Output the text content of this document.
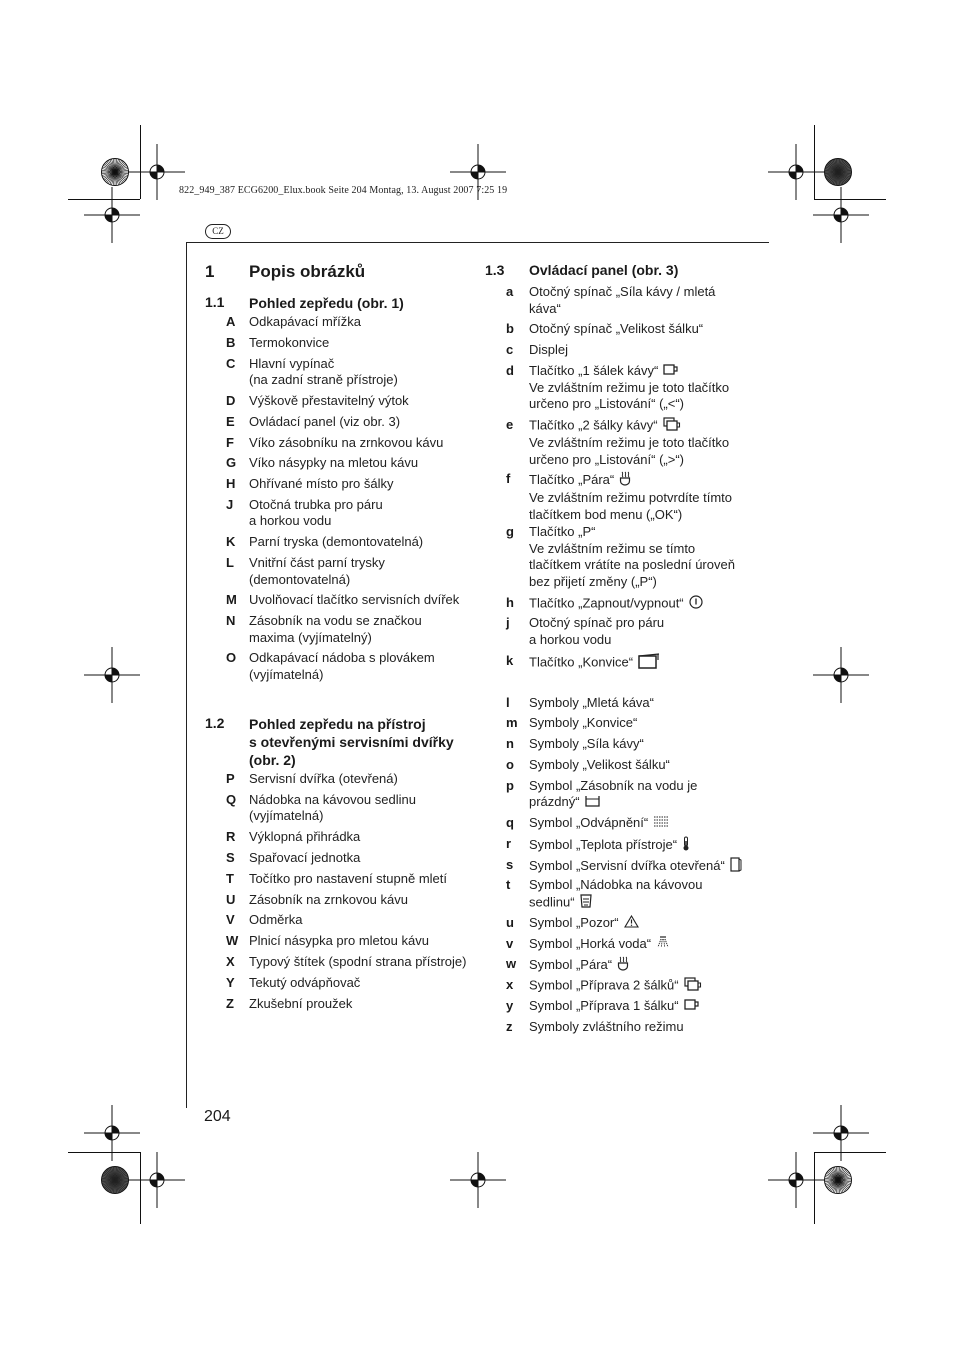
822_949_387 ECG6200_Elux.book Seite 204 Montag, 13. August 2007 7:25 19
CZ
204
1 Popis obrázků
1.1 Pohled zepředu (obr. 1)
A	Odkapávací mřížka
B	Termokonvice
C	Hlavní vypínač
(na zadní straně přístroje)
D	Výškově přestavitelný výtok
E	Ovládací panel (viz obr. 3)
F	Víko zásobníku na zrnkovou kávu
G Víko násypky na mletou kávu
H	Ohřívané místo pro šálky
J	Otočná trubka pro páru
a horkou vodu
K	Parní tryska (demontovatelná)
L	Vnitřní část parní trysky
(demontovatelná)
M Uvolňovací tlačítko servisních dvířek
N	Zásobník na vodu se značkou
maxima (vyjímatelný)
O Odkapávací nádoba s plovákem
(vyjímatelná)
1.2 Pohled zepředu na přístroj
s otevřenými servisními dvířky
(obr. 2)
P	Servisní dvířka (otevřená)
Q Nádobka na kávovou sedlinu
(vyjímatelná)
R	Výklopná přihrádka
S	Spařovací jednotka
T	Točítko pro nastavení stupně mletí
U	Zásobník na zrnkovou kávu
V	Odměrka
W Plnicí násypka pro mletou kávu
X	Typový štítek (spodní strana přístroje)
Y	Tekutý odvápňovač
Z	Zkušební proužek
1.3 Ovládací panel (obr. 3)
a	Otočný spínač „Síla kávy / mletá
káva“
b	Otočný spínač „Velikost šálku“
c	Displej
d	Tlačítko „1 šálek kávy“
Ve zvláštním režimu je toto tlačítko
určeno pro „Listování“ („<“)
e	Tlačítko „2 šálky kávy“
Ve zvláštním režimu je toto tlačítko
určeno pro „Listování“ („>“)
f	Tlačítko „Pára“
Ve zvláštním režimu potvrdíte tímto
tlačítkem bod menu („OK“)
g	Tlačítko „P“
Ve zvláštním režimu se tímto
tlačítkem vrátíte na poslední úroveň
bez přijetí změny („P“)
h	Tlačítko „Zapnout/vypnout“
j	Otočný spínač pro páru
a horkou vodu
k	Tlačítko „Konvice“
l	Symboly „Mletá káva“
m Symboly „Konvice“
n	Symboly „Síla kávy“
o	Symboly „Velikost šálku“
p	Symbol „Zásobník na vodu je
prázdný“
q	Symbol „Odvápnění“
r	Symbol „Teplota přístroje“
s	Symbol „Servisní dvířka otevřená“
t	Symbol „Nádobka na kávovou
sedlinu“
u	Symbol „Pozor“
v	Symbol „Horká voda“
w Symbol „Pára“
x	Symbol „Příprava 2 šálků“
y	Symbol „Příprava 1 šálku“
z	Symboly zvláštního režimu
